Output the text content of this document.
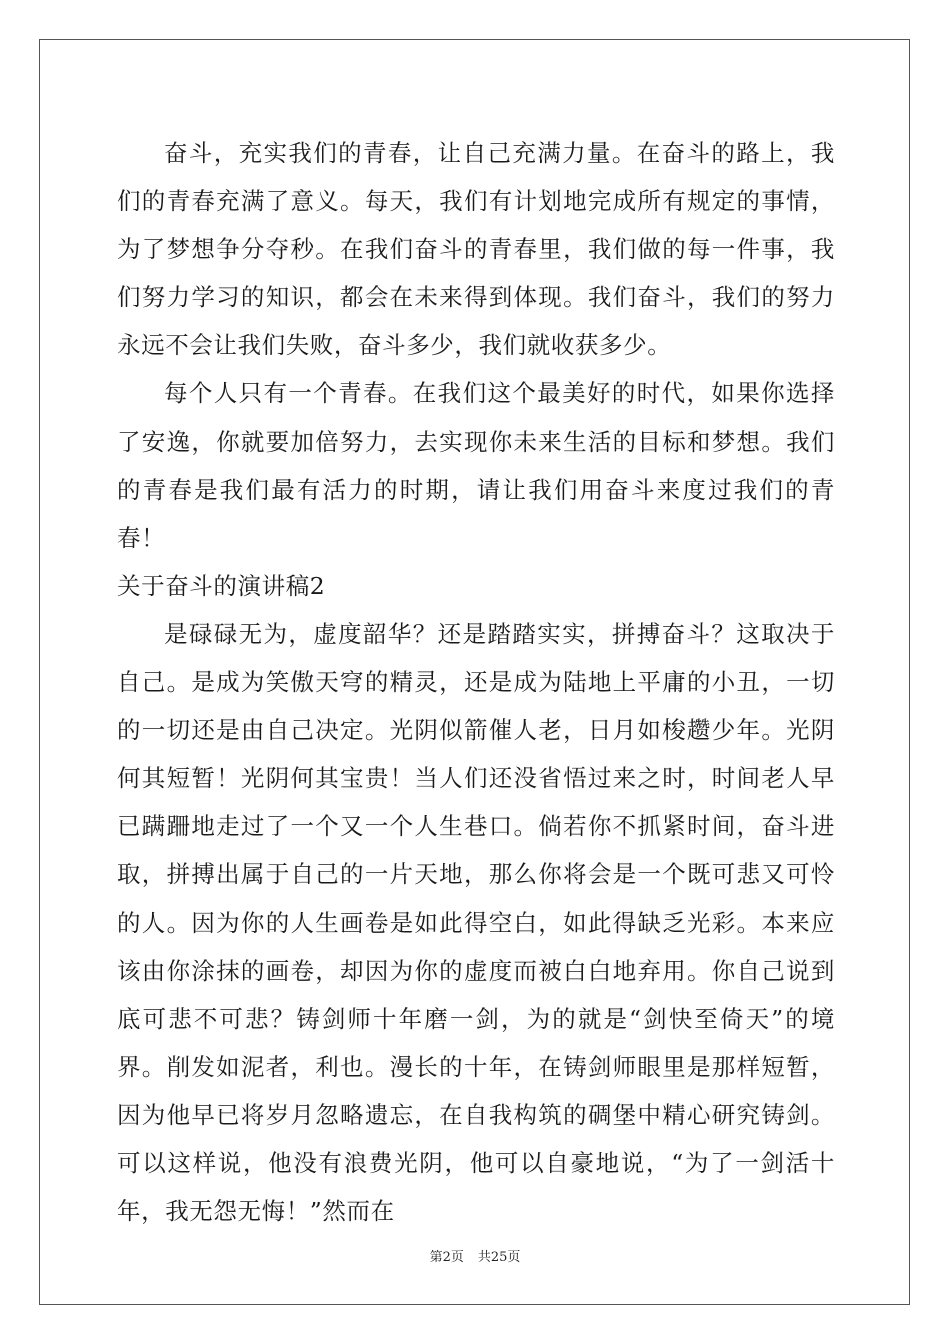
奋斗，充实我们的青春，让自己充满力量。在奋斗的路上，我们的青春充满了意义。每天，我们有计划地完成所有规定的事情，为了梦想争分夺秒。在我们奋斗的青春里，我们做的每一件事，我们努力学习的知识，都会在未来得到体现。我们奋斗，我们的努力永远不会让我们失败，奋斗多少，我们就收获多少。

每个人只有一个青春。在我们这个最美好的时代，如果你选择了安逸，你就要加倍努力，去实现你未来生活的目标和梦想。我们的青春是我们最有活力的时期，请让我们用奋斗来度过我们的青春！

关于奋斗的演讲稿2

是碌碌无为，虚度韶华？还是踏踏实实，拼搏奋斗？这取决于自己。是成为笑傲天穹的精灵，还是成为陆地上平庸的小丑，一切的一切还是由自己决定。光阴似箭催人老，日月如梭趱少年。光阴何其短暂！光阴何其宝贵！当人们还没省悟过来之时，时间老人早已蹒跚地走过了一个又一个人生巷口。倘若你不抓紧时间，奋斗进取，拼搏出属于自己的一片天地，那么你将会是一个既可悲又可怜的人。因为你的人生画卷是如此得空白，如此得缺乏光彩。本来应该由你涂抹的画卷，却因为你的虚度而被白白地弃用。你自己说到底可悲不可悲？铸剑师十年磨一剑，为的就是“剑快至倚天”的境界。削发如泥者，利也。漫长的十年，在铸剑师眼里是那样短暂，因为他早已将岁月忽略遗忘，在自我构筑的碉堡中精心研究铸剑。可以这样说，他没有浪费光阴，他可以自豪地说，“为了一剑活十年，我无怨无悔！”然而在

第2页 共25页
